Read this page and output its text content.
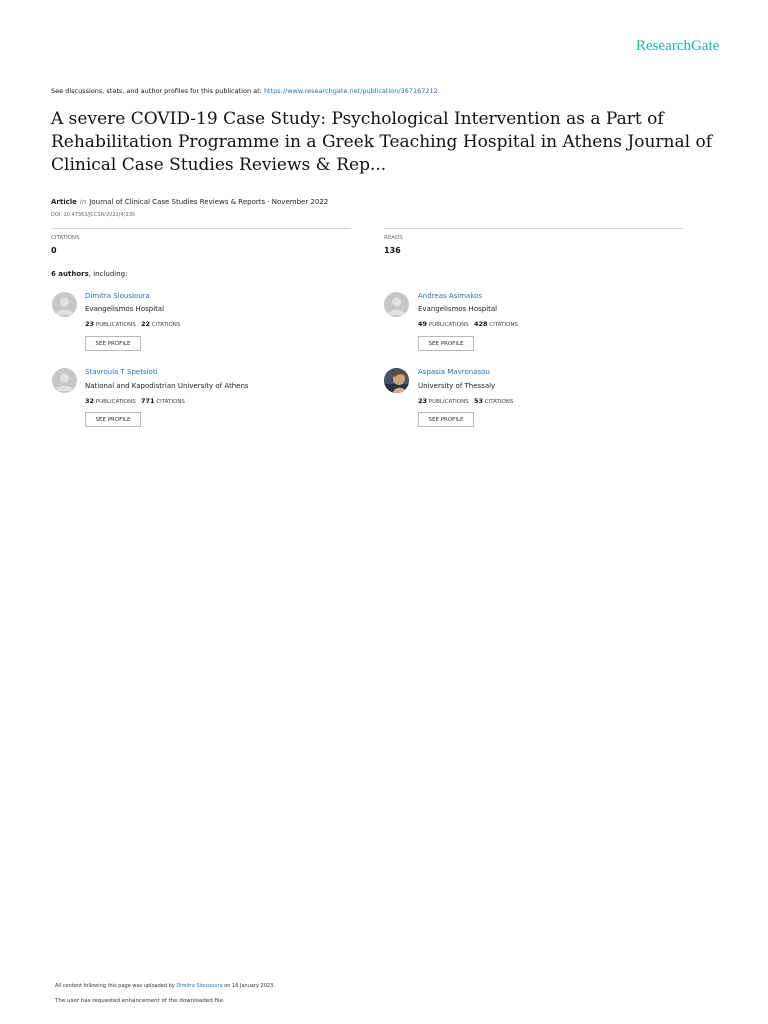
ResearchGate
See discussions, stats, and author profiles for this publication at: https://www.researchgate.net/publication/367167212
A severe COVID-19 Case Study: Psychological Intervention as a Part of Rehabilitation Programme in a Greek Teaching Hospital in Athens Journal of Clinical Case Studies Reviews & Rep...
Article in Journal of Clinical Case Studies Reviews & Reports · November 2022
DOI: 10.47363/JCCSR/2022(4)235
CITATIONS
0
READS
136
6 authors, including:
Dimitra Siousioura
Evangelismos Hospital
23 PUBLICATIONS 22 CITATIONS
SEE PROFILE
Andreas Asimakos
Evangelismos Hospital
49 PUBLICATIONS 428 CITATIONS
SEE PROFILE
Stavroula T Spetsioti
National and Kapodistrian University of Athens
32 PUBLICATIONS 771 CITATIONS
SEE PROFILE
Aspasia Mavronasou
University of Thessaly
23 PUBLICATIONS 53 CITATIONS
SEE PROFILE
All content following this page was uploaded by Dimitra Siousioura on 16 January 2023.
The user has requested enhancement of the downloaded file.
